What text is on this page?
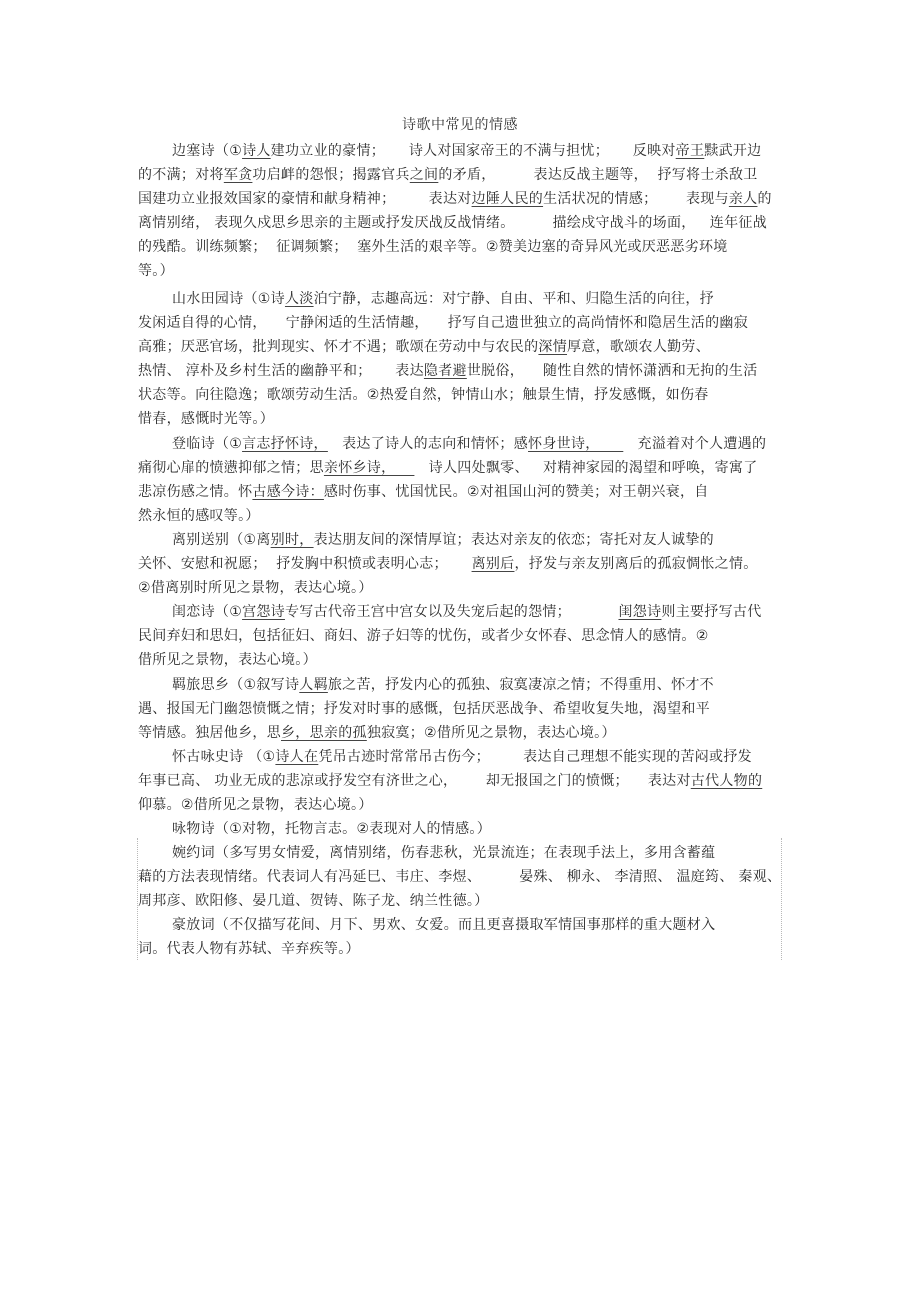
诗歌中常见的情感
边塞诗（①诗人建功立业的豪情；     诗人对国家帝王的不满与担忧；     反映对帝王黩武开边
的不满；对将军贪功启衅的怨恨；揭露官兵之间的矛盾，        表达反战主题等，  抒写将士杀敌卫
国建功立业报效国家的豪情和献身精神；       表达对边陲人民的生活状况的情感；      表现与亲人的
离情别绪， 表现久戍思乡思亲的主题或抒发厌战反战情绪。        描绘戍守战斗的场面，   连年征战
的残酷。训练频繁；  征调频繁；  塞外生活的艰辛等。②赞美边塞的奇异风光或厌恶恶劣环境
等。）
山水田园诗（①诗人淡泊宁静，志趣高远：对宁静、自由、平和、归隐生活的向往，抒
发闲适自得的心情，    宁静闲适的生活情趣，    抒写自己遗世独立的高尚情怀和隐居生活的幽寂
高雅；厌恶官场，批判现实、怀才不遇；歌颂在劳动中与农民的深情厚意，歌颂农人勤劳、
热情、 淳朴及乡村生活的幽静平和；     表达隐者避世脱俗，    随性自然的情怀潇洒和无拘的生活
状态等。向往隐逸；歌颂劳动生活。②热爱自然，钟情山水；触景生情，抒发感慨，如伤春
惜春，感慨时光等。）
登临诗（①言志抒怀诗，   表达了诗人的志向和情怀；感怀身世诗，        充溢着对个人遭遇的
痛彻心扉的愤懑抑郁之情；思亲怀乡诗，       诗人四处飘零、   对精神家园的渴望和呼唤，寄寓了
悲凉伤感之情。怀古感今诗：感时伤事、忧国忧民。②对祖国山河的赞美；对王朝兴衰，自
然永恒的感叹等。）
离别送别（①离别时，表达朋友间的深情厚谊；表达对亲友的依恋；寄托对友人诚挚的
关怀、安慰和祝愿；  抒发胸中积愤或表明心志；     离别后，抒发与亲友别离后的孤寂惆怅之情。
②借离别时所见之景物，表达心境。）
闺恋诗（①宫怨诗专写古代帝王宫中宫女以及失宠后起的怨情；          闺怨诗则主要抒写古代
民间弃妇和思妇，包括征妇、商妇、游子妇等的忧伤，或者少女怀春、思念情人的感情。②
借所见之景物，表达心境。）
羁旅思乡（①叙写诗人羁旅之苦，抒发内心的孤独、寂寞凄凉之情；不得重用、怀才不
遇、报国无门幽怨愤慨之情；抒发对时事的感慨，包括厌恶战争、希望收复失地，渴望和平
等情感。独居他乡，思乡，思亲的孤独寂寞；②借所见之景物，表达心境。）
怀古咏史诗 （①诗人在凭吊古迹时常常吊古伤今；       表达自己理想不能实现的苦闷或抒发
年事已高、 功业无成的悲凉或抒发空有济世之心，      却无报国之门的愤慨；    表达对古代人物的
仰慕。②借所见之景物，表达心境。）
咏物诗（①对物，托物言志。②表现对人的情感。）
婉约词（多写男女情爱，离情别绪，伤春悲秋，光景流连；在表现手法上，多用含蓄蕴
藉的方法表现情绪。代表词人有冯延巳、韦庄、李煜、        晏殊、 柳永、 李清照、 温庭筠、 秦观、
周邦彦、欧阳修、晏几道、贺铸、陈子龙、纳兰性德。）
豪放词（不仅描写花间、月下、男欢、女爱。而且更喜摄取军情国事那样的重大题材入
词。代表人物有苏轼、辛弃疾等。）
